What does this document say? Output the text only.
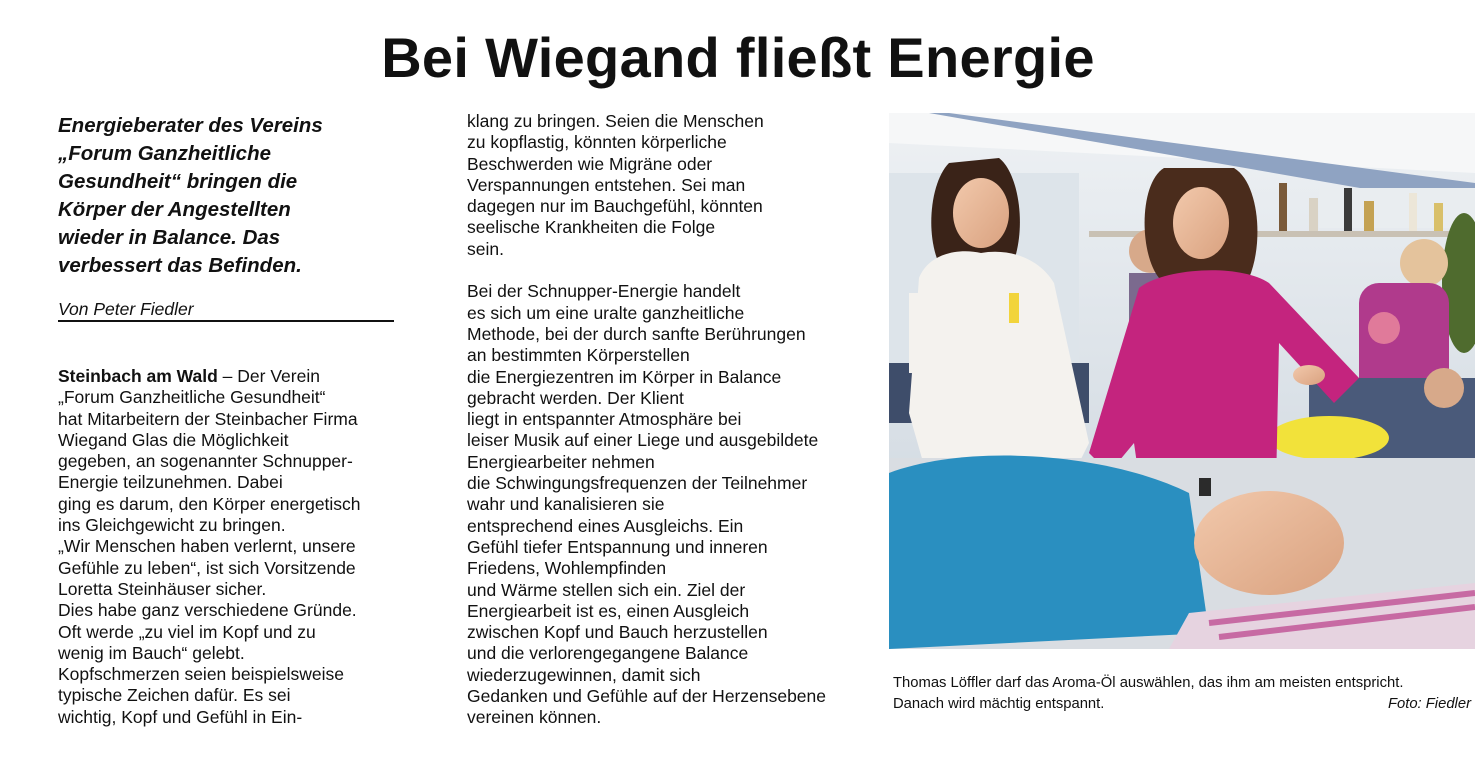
Bei Wiegand fließt Energie
Energieberater des Vereins
„Forum Ganzheitliche
Gesundheit“ bringen die
Körper der Angestellten
wieder in Balance. Das
verbessert das Befinden.
Von Peter Fiedler
Steinbach am Wald – Der Verein
„Forum Ganzheitliche Gesundheit“
hat Mitarbeitern der Steinbacher Firma
Wiegand Glas die Möglichkeit
gegeben, an sogenannter Schnupper-
Energie teilzunehmen. Dabei
ging es darum, den Körper energetisch
ins Gleichgewicht zu bringen.
„Wir Menschen haben verlernt, unsere
Gefühle zu leben“, ist sich Vorsitzende
Loretta Steinhäuser sicher.
Dies habe ganz verschiedene Gründe.
Oft werde „zu viel im Kopf und zu
wenig im Bauch“ gelebt.
Kopfschmerzen seien beispielsweise
typische Zeichen dafür. Es sei
wichtig, Kopf und Gefühl in Ein-
klang zu bringen. Seien die Menschen
zu kopflastig, könnten körperliche
Beschwerden wie Migräne oder
Verspannungen entstehen. Sei man
dagegen nur im Bauchgefühl, könnten
seelische Krankheiten die Folge
sein.
Bei der Schnupper-Energie handelt
es sich um eine uralte ganzheitliche
Methode, bei der durch sanfte Berührungen
an bestimmten Körperstellen
die Energiezentren im Körper in Balance
gebracht werden. Der Klient
liegt in entspannter Atmosphäre bei
leiser Musik auf einer Liege und ausgebildete
Energiearbeiter nehmen
die Schwingungsfrequenzen der Teilnehmer
wahr und kanalisieren sie
entsprechend eines Ausgleichs. Ein
Gefühl tiefer Entspannung und inneren
Friedens, Wohlempfinden
und Wärme stellen sich ein. Ziel der
Energiearbeit ist es, einen Ausgleich
zwischen Kopf und Bauch herzustellen
und die verlorengegangene Balance
wiederzugewinnen, damit sich
Gedanken und Gefühle auf der Herzensebene
vereinen können.
Thomas Löffler darf das Aroma-Öl auswählen, das ihm am meisten entspricht.
Danach wird mächtig entspannt.	Foto: Fiedler
